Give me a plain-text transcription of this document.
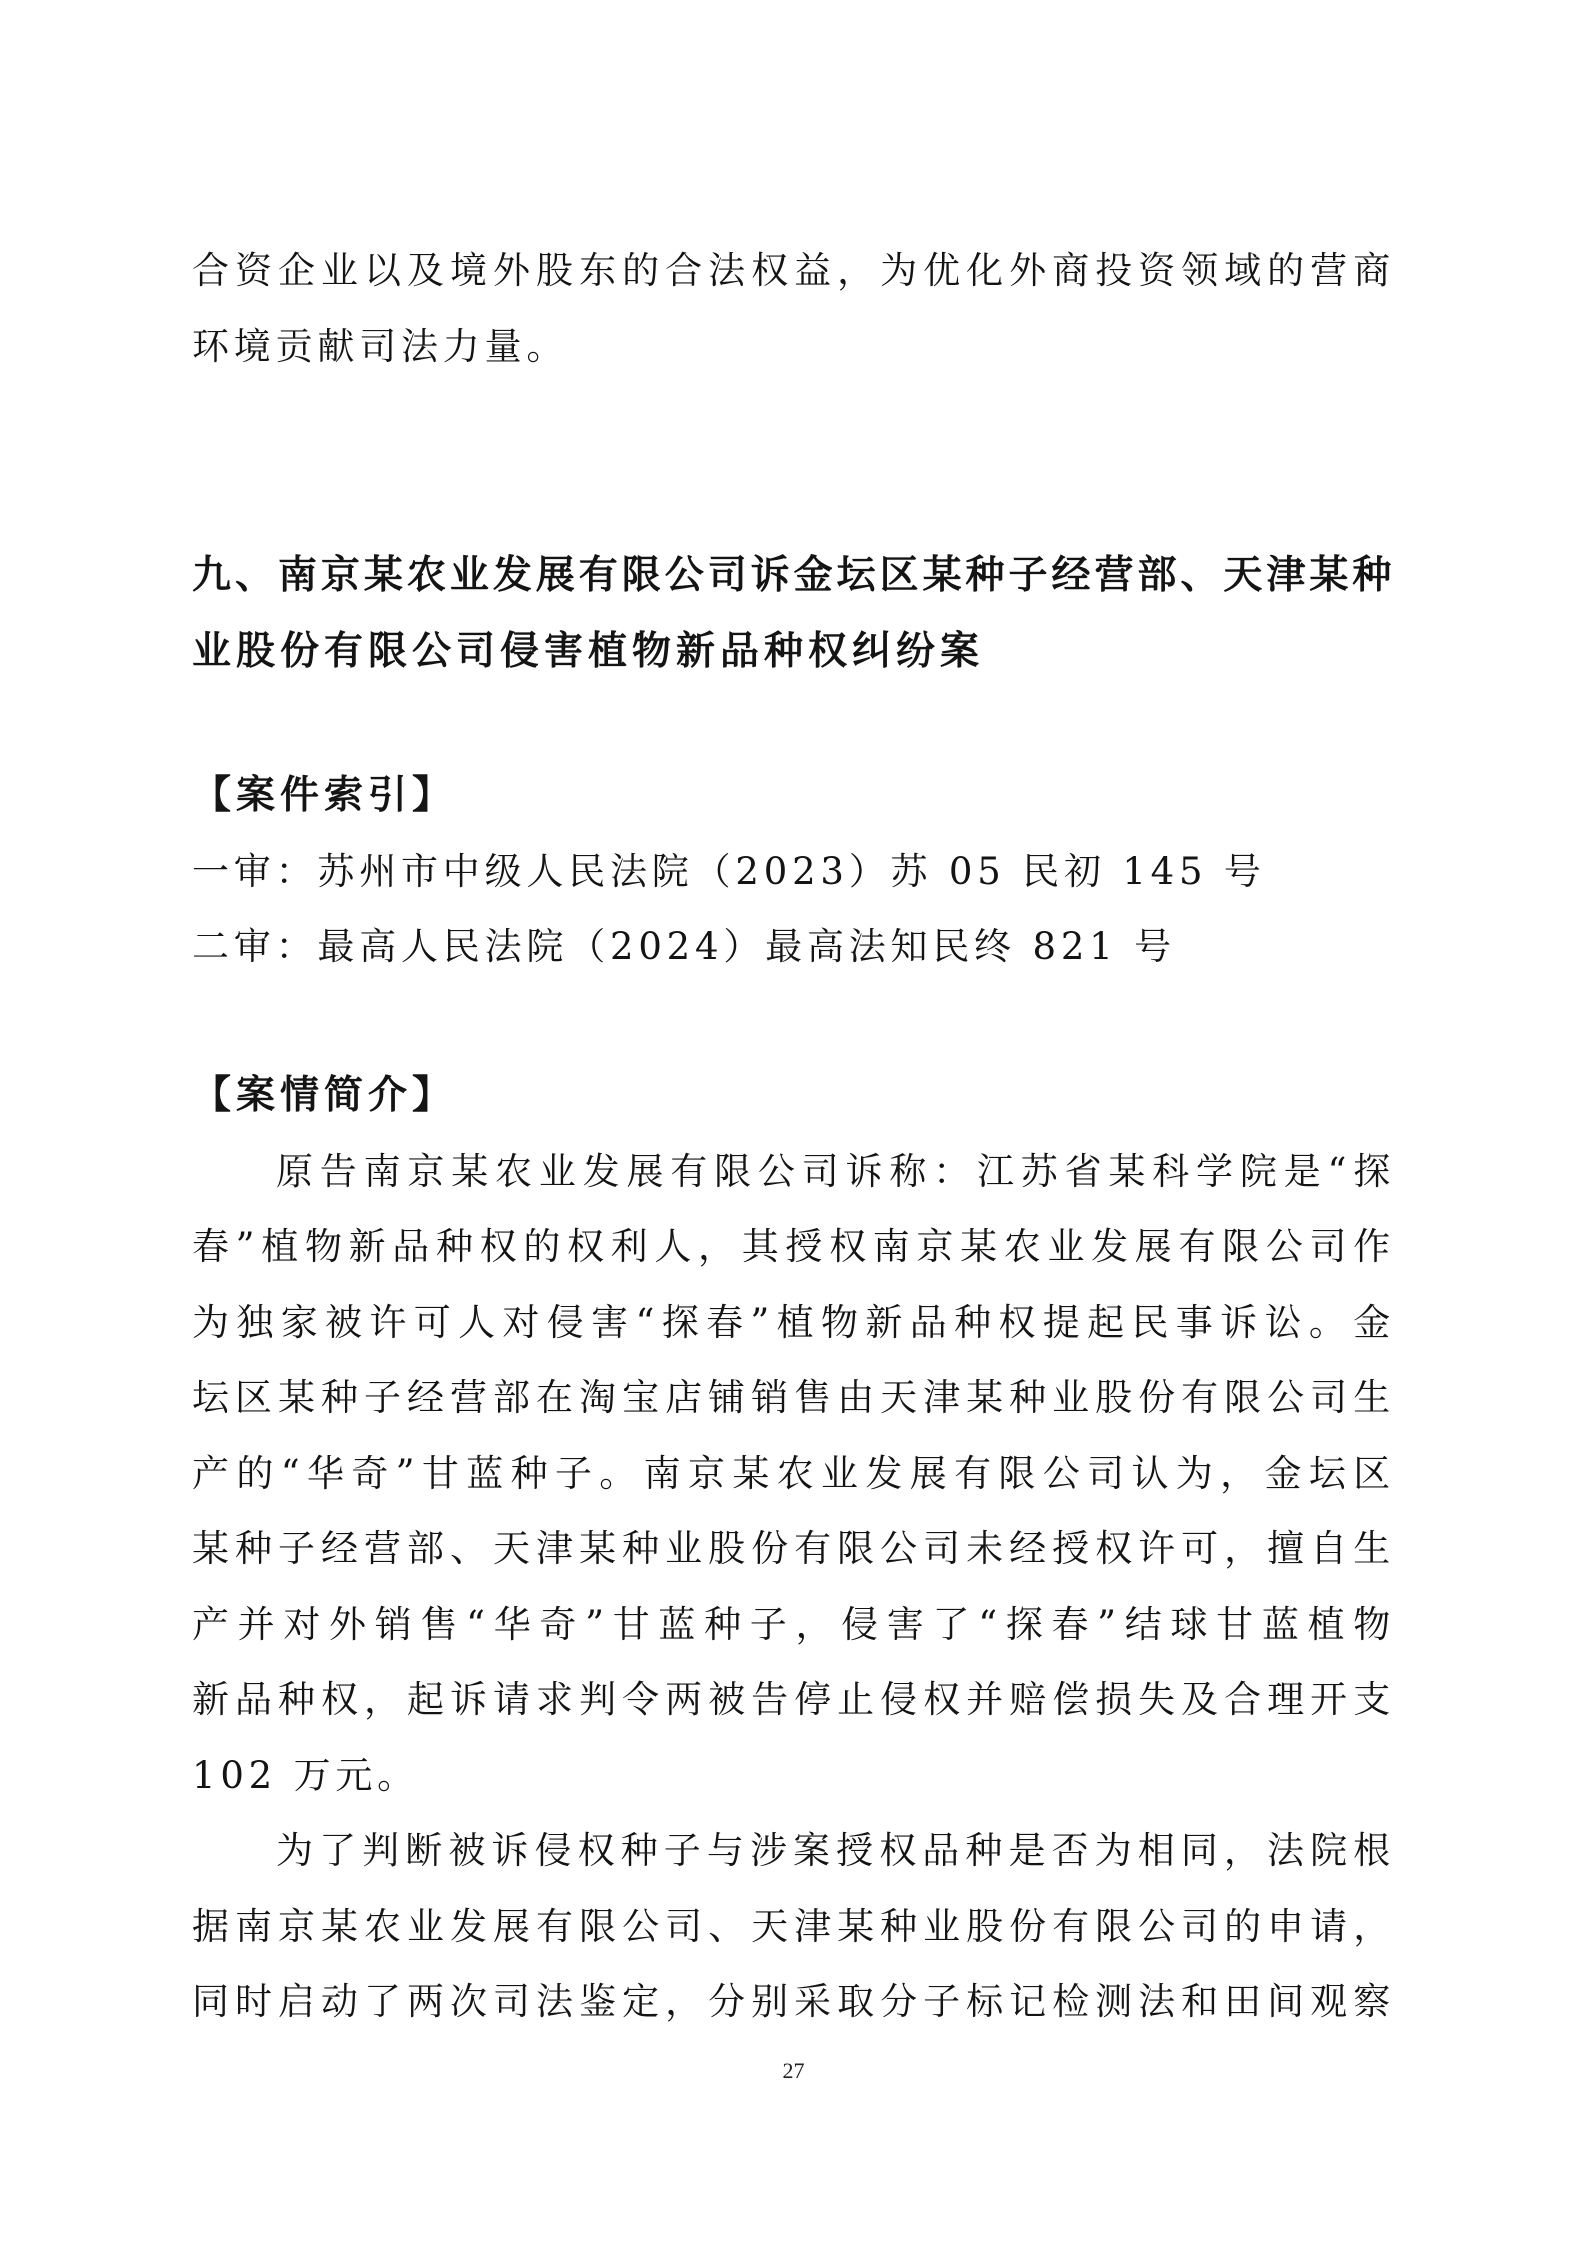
合资企业以及境外股东的合法权益，为优化外商投资领域的营商
环境贡献司法力量。
九、南京某农业发展有限公司诉金坛区某种子经营部、天津某种
业股份有限公司侵害植物新品种权纠纷案
【案件索引】
一审：苏州市中级人民法院（2023）苏 05 民初 145 号
二审：最高人民法院（2024）最高法知民终 821 号
【案情简介】
原告南京某农业发展有限公司诉称：江苏省某科学院是“探
春”植物新品种权的权利人，其授权南京某农业发展有限公司作
为独家被许可人对侵害“探春”植物新品种权提起民事诉讼。金
坛区某种子经营部在淘宝店铺销售由天津某种业股份有限公司生
产的“华奇”甘蓝种子。南京某农业发展有限公司认为，金坛区
某种子经营部、天津某种业股份有限公司未经授权许可，擅自生
产并对外销售“华奇”甘蓝种子，侵害了“探春”结球甘蓝植物
新品种权，起诉请求判令两被告停止侵权并赔偿损失及合理开支
102 万元。
为了判断被诉侵权种子与涉案授权品种是否为相同，法院根
据南京某农业发展有限公司、天津某种业股份有限公司的申请，
同时启动了两次司法鉴定，分别采取分子标记检测法和田间观察
27
